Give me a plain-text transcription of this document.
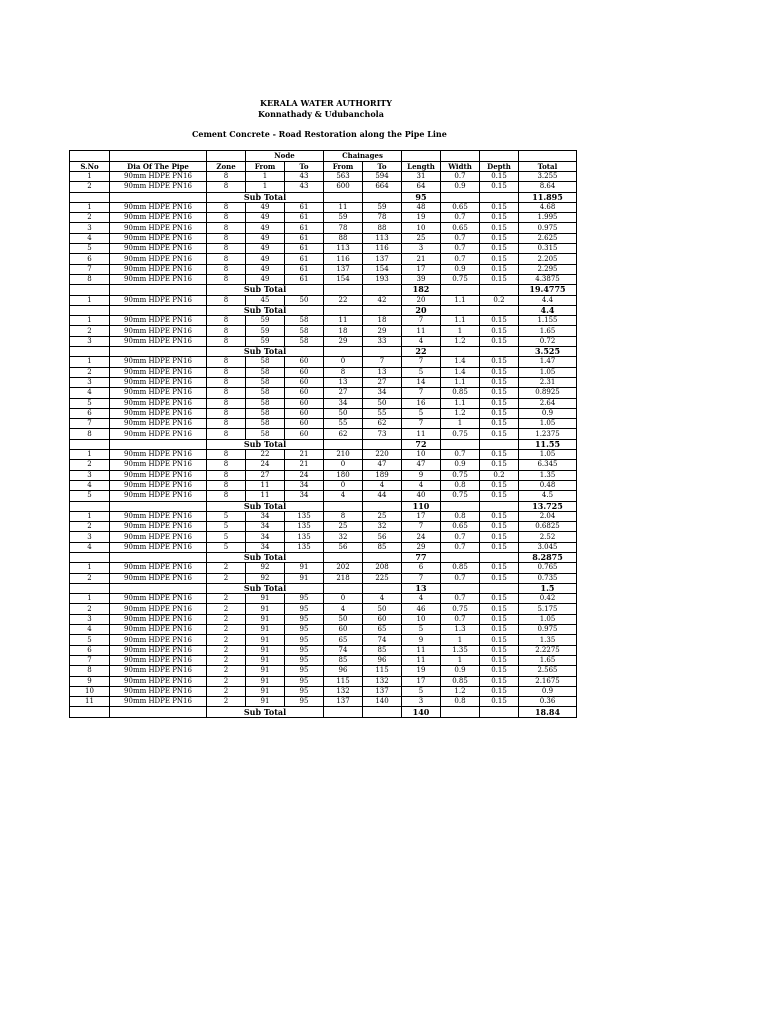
KERALA WATER AUTHORITY
Konnathady & Udubanchola
Cement Concrete - Road Restoration along the Pipe Line
			Node		Chainages					
S.No	Dia Of The Pipe	Zone	From	To	From	To	Length	Width	Depth	Total
1	90mm HDPE PN16	8	1	43	563	594	31	0.7	0.15	3.255
2	90mm HDPE PN16	8	1	43	600	664	64	0.9	0.15	8.64
		Sub Total					95			11.895
1	90mm HDPE PN16	8	49	61	11	59	48	0.65	0.15	4.68
2	90mm HDPE PN16	8	49	61	59	78	19	0.7	0.15	1.995
3	90mm HDPE PN16	8	49	61	78	88	10	0.65	0.15	0.975
4	90mm HDPE PN16	8	49	61	88	113	25	0.7	0.15	2.625
5	90mm HDPE PN16	8	49	61	113	116	3	0.7	0.15	0.315
6	90mm HDPE PN16	8	49	61	116	137	21	0.7	0.15	2.205
7	90mm HDPE PN16	8	49	61	137	154	17	0.9	0.15	2.295
8	90mm HDPE PN16	8	49	61	154	193	39	0.75	0.15	4.3875
		Sub Total					182			19.4775
1	90mm HDPE PN16	8	45	50	22	42	20	1.1	0.2	4.4
		Sub Total					20			4.4
1	90mm HDPE PN16	8	59	58	11	18	7	1.1	0.15	1.155
2	90mm HDPE PN16	8	59	58	18	29	11	1	0.15	1.65
3	90mm HDPE PN16	8	59	58	29	33	4	1.2	0.15	0.72
		Sub Total					22			3.525
1	90mm HDPE PN16	8	58	60	0	7	7	1.4	0.15	1.47
2	90mm HDPE PN16	8	58	60	8	13	5	1.4	0.15	1.05
3	90mm HDPE PN16	8	58	60	13	27	14	1.1	0.15	2.31
4	90mm HDPE PN16	8	58	60	27	34	7	0.85	0.15	0.8925
5	90mm HDPE PN16	8	58	60	34	50	16	1.1	0.15	2.64
6	90mm HDPE PN16	8	58	60	50	55	5	1.2	0.15	0.9
7	90mm HDPE PN16	8	58	60	55	62	7	1	0.15	1.05
8	90mm HDPE PN16	8	58	60	62	73	11	0.75	0.15	1.2375
		Sub Total					72			11.55
1	90mm HDPE PN16	8	22	21	210	220	10	0.7	0.15	1.05
2	90mm HDPE PN16	8	24	21	0	47	47	0.9	0.15	6.345
3	90mm HDPE PN16	8	27	24	180	189	9	0.75	0.2	1.35
4	90mm HDPE PN16	8	11	34	0	4	4	0.8	0.15	0.48
5	90mm HDPE PN16	8	11	34	4	44	40	0.75	0.15	4.5
		Sub Total					110			13.725
1	90mm HDPE PN16	5	34	135	8	25	17	0.8	0.15	2.04
2	90mm HDPE PN16	5	34	135	25	32	7	0.65	0.15	0.6825
3	90mm HDPE PN16	5	34	135	32	56	24	0.7	0.15	2.52
4	90mm HDPE PN16	5	34	135	56	85	29	0.7	0.15	3.045
		Sub Total					77			8.2875
1	90mm HDPE PN16	2	92	91	202	208	6	0.85	0.15	0.765
2	90mm HDPE PN16	2	92	91	218	225	7	0.7	0.15	0.735
		Sub Total					13			1.5
1	90mm HDPE PN16	2	91	95	0	4	4	0.7	0.15	0.42
2	90mm HDPE PN16	2	91	95	4	50	46	0.75	0.15	5.175
3	90mm HDPE PN16	2	91	95	50	60	10	0.7	0.15	1.05
4	90mm HDPE PN16	2	91	95	60	65	5	1.3	0.15	0.975
5	90mm HDPE PN16	2	91	95	65	74	9	1	0.15	1.35
6	90mm HDPE PN16	2	91	95	74	85	11	1.35	0.15	2.2275
7	90mm HDPE PN16	2	91	95	85	96	11	1	0.15	1.65
8	90mm HDPE PN16	2	91	95	96	115	19	0.9	0.15	2.565
9	90mm HDPE PN16	2	91	95	115	132	17	0.85	0.15	2.1675
10	90mm HDPE PN16	2	91	95	132	137	5	1.2	0.15	0.9
11	90mm HDPE PN16	2	91	95	137	140	3	0.8	0.15	0.36
		Sub Total					140			18.84
